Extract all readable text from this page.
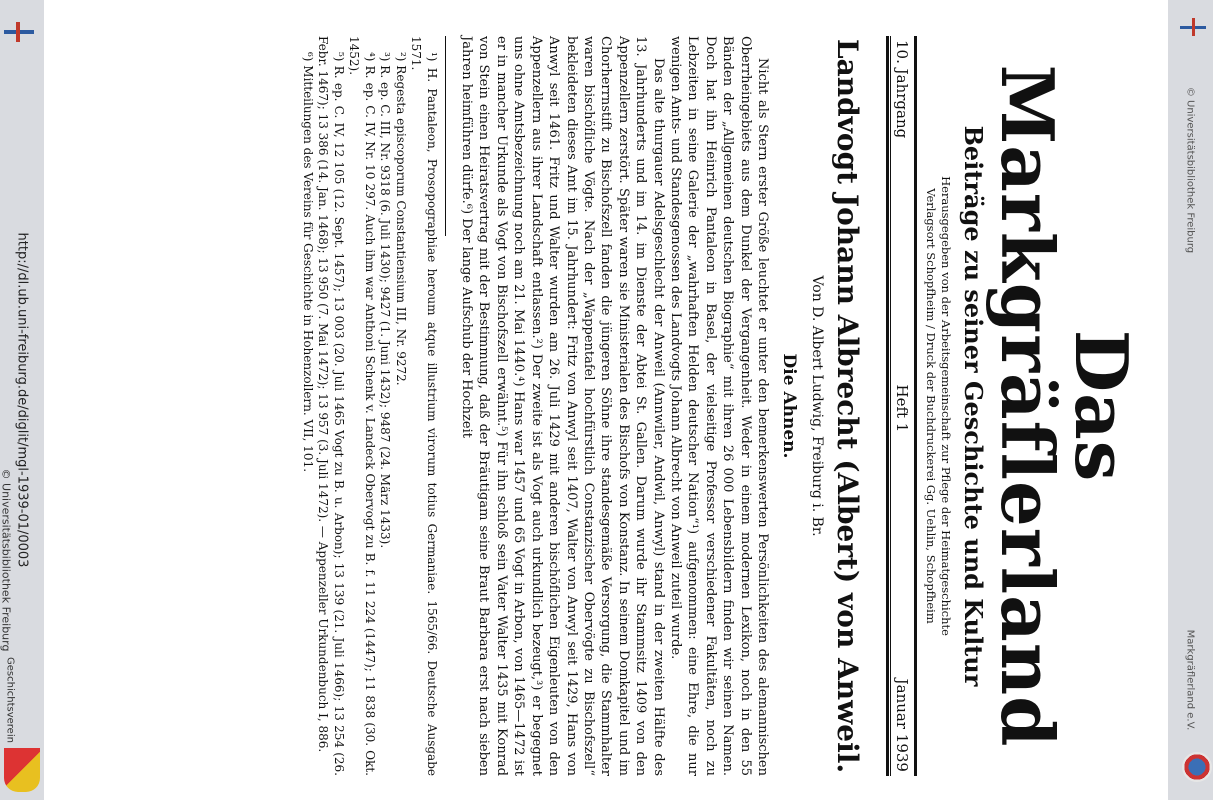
http://dl.ub.uni-freiburg.de/diglit/mgl-1939-01/0003
© Universitätsbibliothek Freiburg
Geschichtsverein
© Universitätsbibliothek Freiburg
Markgräflerland e.V.
Das Markgräflerland
Beiträge zu seiner Geschichte und Kultur
Herausgegeben von der Arbeitsgemeinschaft zur Pflege der Heimatgeschichte
Verlagsort Schopfheim / Druck der Buchdruckerei Gg. Uehlin, Schopfheim
10. Jahrgang
Heft 1
Januar 1939
Landvogt Johann Albrecht (Albert) von Anweil.
Von D. Albert Ludwig, Freiburg i. Br.
Die Ahnen.

Nicht als Stern erster Größe leuchtet er unter den bemerkenswerten Persönlichkeiten des alemannischen Oberrheingebiets aus dem Dunkel der Vergangenheit. Weder in einem modernen Lexikon, noch in den 55 Bänden der „Allgemeinen deutschen Biographie“ mit ihren 26 000 Lebensbildern finden wir seinen Namen. Doch hat ihn Heinrich Pantaleon in Basel, der vielseitige Professor verschiedener Fakultäten, noch zu Lebzeiten in seine Galerie der „wahrhaften Helden deutscher Nation“¹) aufgenommen: eine Ehre, die nur wenigen Amts- und Standesgenossen des Landvogts Johann Albrecht von Anweil zuteil wurde.

Das alte thurgauer Adelsgeschlecht der Anweil (Annwiler, Andwil, Anwyl) stand in der zweiten Hälfte des 13. Jahrhunderts und im 14. im Dienste der Abtei St. Gallen. Darum wurde ihr Stammsitz 1409 von den Appenzellern zerstört. Später waren sie Ministerialen des Bischofs von Konstanz. In seinem Domkapitel und im Chorherrnstift zu Bischofszell fanden die jüngeren Söhne ihre standesgemäße Versorgung, die Stammhalter waren bischöfliche Vögte. Nach der „Wappentafel hochfürstlich Constanzischer Obervögte zu Bischofszell“ bekleideten dieses Amt im 15. Jahrhundert: Fritz von Anwyl seit 1407, Walter von Anwyl seit 1429, Hans von Anwyl seit 1461. Fritz und Walter wurden am 26. Juli 1429 mit anderen bischöflichen Eigenleuten von den Appenzellern aus ihrer Landschaft entlassen.²) Der zweite ist als Vogt auch urkundlich bezeugt,³) er begegnet uns ohne Amtsbezeichnung noch am 21. Mai 1440.⁴) Hans war 1457 und 65 Vogt in Arbon, von 1465—1472 ist er in mancher Urkunde als Vogt von Bischofszell erwähnt.⁵) Für ihn schloß sein Vater Walter 1435 mit Konrad von Stein einen Heiratsvertrag mit der Bestimmung, daß der Bräutigam seine Braut Barbara erst nach sieben Jahren heimführen dürfe.⁶) Der lange Aufschub der Hochzeit

¹) H. Pantaleon, Prosopographiae heroum atque illustrium virorum totius Germaniae. 1565/66. Deutsche Ausgabe 1571.

²) Regesta episcoporum Constantiensium III, Nr. 9272.

³) R. ep. C. III, Nr. 9318 (6. Juli 1430); 9427 (1. Juni 1432); 9487 (24. März 1433).

⁴) R. ep. C. IV, Nr. 10 297. Auch ihm war Anthoni Schenk v. Landeck Obervogt zu B. f. 11 224 (1447); 11 838 (30. Okt. 1452).

⁵) R. ep. C. IV, 12 105 (12. Sept. 1457); 13 003 (20. Juli 1465 Vogt zu B. u. Arbon); 13 139 (21. Juli 1466); 13 254 (26. Febr. 1467); 13 386 (14. Jan. 1468); 13 950 (7. Mai 1472); 13 957 (3. Juli 1472). — Appenzeller Urkundenbuch I, 886.

⁶) Mitteilungen des Vereins für Geschichte in Hohenzollern. VII, 101.
